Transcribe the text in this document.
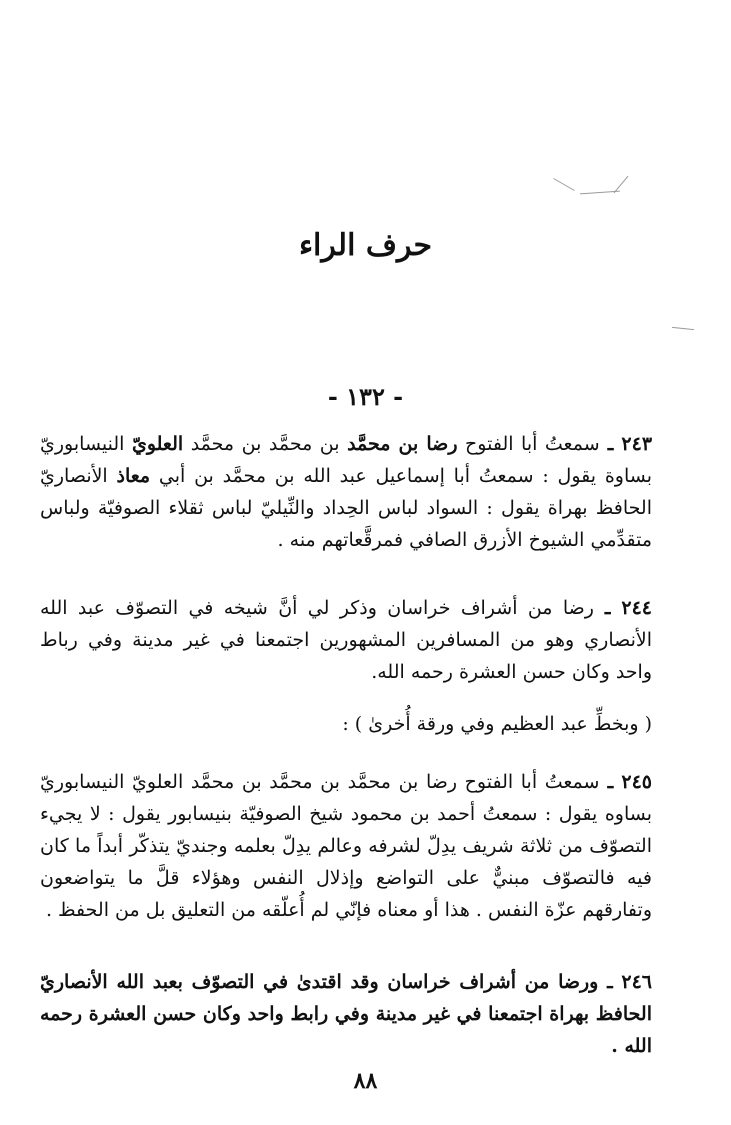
حرف الراء
- ١٣٢ -

٢٤٣ ـ سمعتُ أبا الفتوح رضا بن محمَّد بن محمَّد بن محمَّد العلويّ النيسابوريّ بساوة يقول : سمعتُ أبا إسماعيل عبد الله بن محمَّد بن أبي معاذ الأنصاريّ الحافظ بهراة يقول : السواد لباس الحِداد والنِّيليّ لباس ثقلاء الصوفيّة ولباس متقدِّمي الشيوخ الأزرق الصافي فمرقَّعاتهم منه .

٢٤٤ ـ رضا من أشراف خراسان وذكر لي أنَّ شيخه في التصوّف عبد الله الأنصاري وهو من المسافرين المشهورين اجتمعنا في غير مدينة وفي رباط واحد وكان حسن العشرة رحمه الله.

( وبخطِّ عبد العظيم وفي ورقة أُخرىٰ ) :

٢٤٥ ـ سمعتُ أبا الفتوح رضا بن محمَّد بن محمَّد بن محمَّد العلويّ النيسابوريّ بساوه يقول : سمعتُ أحمد بن محمود شيخ الصوفيّة بنيسابور يقول : لا يجيء التصوّف من ثلاثة شريف يدِلّ لشرفه وعالم يدِلّ بعلمه وجنديّ يتذكّر أبداً ما كان فيه فالتصوّف مبنيٌّ على التواضع وإذلال النفس وهؤلاء قلَّ ما يتواضعون وتفارقهم عزّة النفس . هذا أو معناه فإنّي لم أُعلّقه من التعليق بل من الحفظ .

٢٤٦ ـ ورضا من أشراف خراسان وقد اقتدىٰ في التصوّف بعبد الله الأنصاريّ الحافظ بهراة اجتمعنا في غير مدينة وفي رابط واحد وكان حسن العشرة رحمه الله .

٨٨
